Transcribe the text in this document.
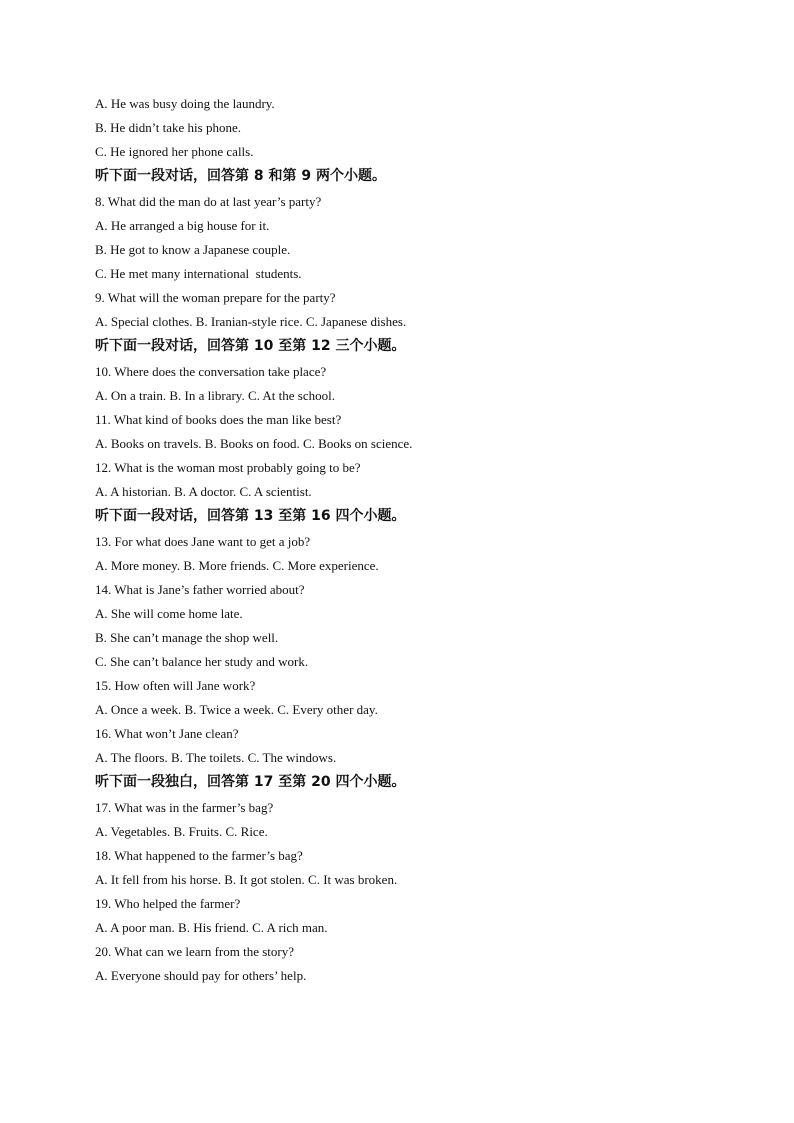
A. He was busy doing the laundry.
B. He didn’t take his phone.
C. He ignored her phone calls.
听下面一段对话，回答第 8 和第 9 两个小题。
8. What did the man do at last year’s party?
A. He arranged a big house for it.
B. He got to know a Japanese couple.
C. He met many international  students.
9. What will the woman prepare for the party?
A. Special clothes. B. Iranian-style rice. C. Japanese dishes.
听下面一段对话，回答第 10 至第 12 三个小题。
10. Where does the conversation take place?
A. On a train. B. In a library. C. At the school.
11. What kind of books does the man like best?
A. Books on travels. B. Books on food. C. Books on science.
12. What is the woman most probably going to be?
A. A historian. B. A doctor. C. A scientist.
听下面一段对话，回答第 13 至第 16 四个小题。
13. For what does Jane want to get a job?
A. More money. B. More friends. C. More experience.
14. What is Jane’s father worried about?
A. She will come home late.
B. She can’t manage the shop well.
C. She can’t balance her study and work.
15. How often will Jane work?
A. Once a week. B. Twice a week. C. Every other day.
16. What won’t Jane clean?
A. The floors. B. The toilets. C. The windows.
听下面一段独白，回答第 17 至第 20 四个小题。
17. What was in the farmer’s bag?
A. Vegetables. B. Fruits. C. Rice.
18. What happened to the farmer’s bag?
A. It fell from his horse. B. It got stolen. C. It was broken.
19. Who helped the farmer?
A. A poor man. B. His friend. C. A rich man.
20. What can we learn from the story?
A. Everyone should pay for others’ help.
